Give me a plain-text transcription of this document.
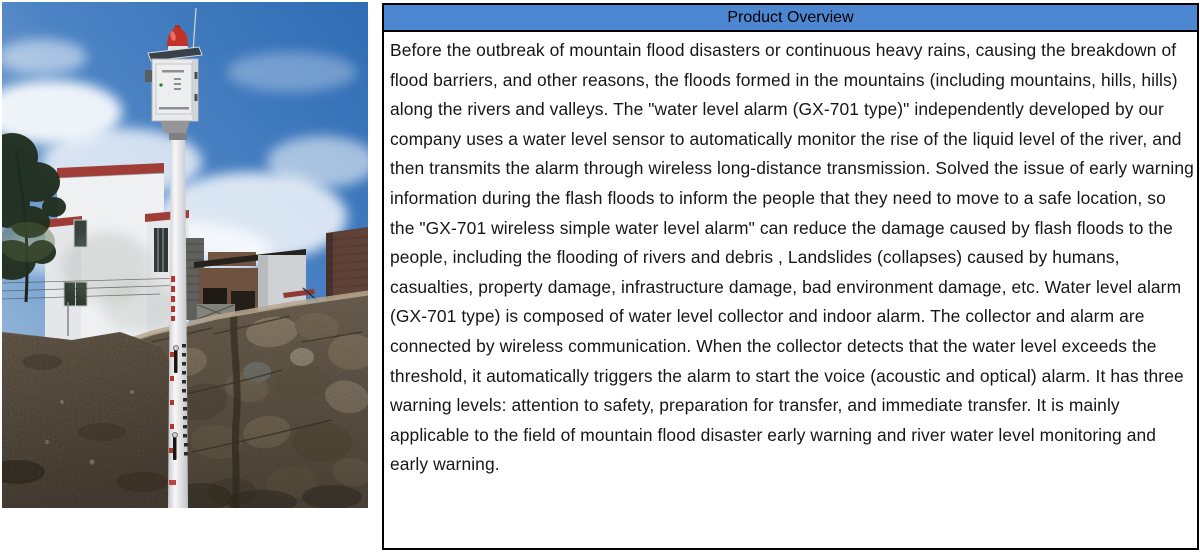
Product Overview

Before the outbreak of mountain flood disasters or continuous heavy rains, causing the breakdown of flood barriers, and other reasons, the floods formed in the mountains (including mountains, hills, hills) along the rivers and valleys. The "water level alarm (GX-701 type)" independently developed by our company uses a water level sensor to automatically monitor the rise of the liquid level of the river, and then transmits the alarm through wireless long-distance transmission. Solved the issue of early warning information during the flash floods to inform the people that they need to move to a safe location, so the "GX-701 wireless simple water level alarm" can reduce the damage caused by flash floods to the people, including the flooding of rivers and debris , Landslides (collapses) caused by humans, casualties, property damage, infrastructure damage, bad environment damage, etc. Water level alarm (GX-701 type) is composed of water level collector and indoor alarm. The collector and alarm are connected by wireless communication. When the collector detects that the water level exceeds the threshold, it automatically triggers the alarm to start the voice (acoustic and optical) alarm. It has three warning levels: attention to safety, preparation for transfer, and immediate transfer. It is mainly applicable to the field of mountain flood disaster early warning and river water level monitoring and early warning.
